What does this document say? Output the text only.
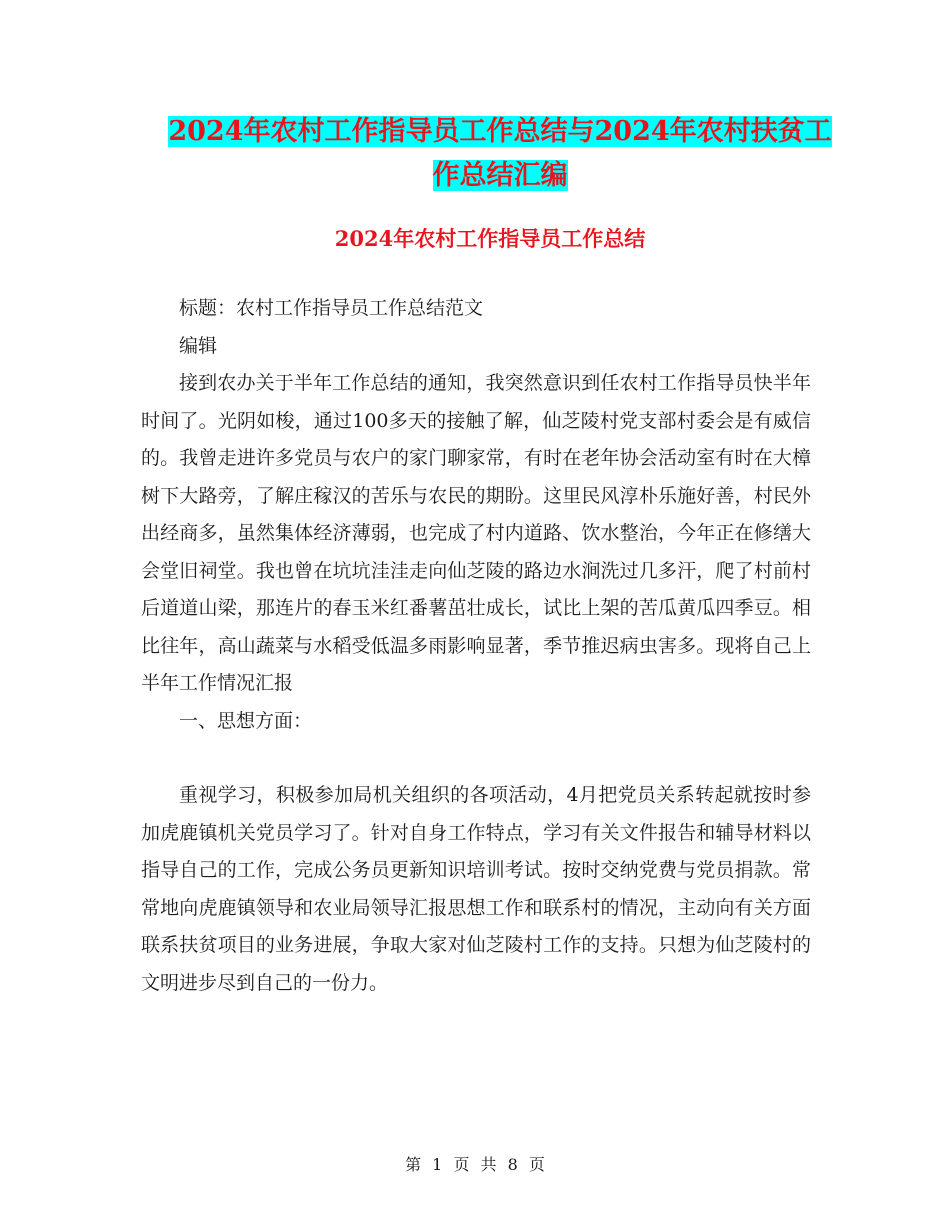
2024年农村工作指导员工作总结与2024年农村扶贫工
作总结汇编
2024年农村工作指导员工作总结

标题：农村工作指导员工作总结范文

编辑

接到农办关于半年工作总结的通知，我突然意识到任农村工作指导员快半年时间了。光阴如梭，通过100多天的接触了解，仙芝陵村党支部村委会是有威信的。我曾走进许多党员与农户的家门聊家常，有时在老年协会活动室有时在大樟树下大路旁，了解庄稼汉的苦乐与农民的期盼。这里民风淳朴乐施好善，村民外出经商多，虽然集体经济薄弱，也完成了村内道路、饮水整治，今年正在修缮大会堂旧祠堂。我也曾在坑坑洼洼走向仙芝陵的路边水涧洗过几多汗，爬了村前村后道道山梁，那连片的春玉米红番薯茁壮成长，试比上架的苦瓜黄瓜四季豆。相比往年，高山蔬菜与水稻受低温多雨影响显著，季节推迟病虫害多。现将自己上半年工作情况汇报

一、思想方面：

重视学习，积极参加局机关组织的各项活动，4月把党员关系转起就按时参加虎鹿镇机关党员学习了。针对自身工作特点，学习有关文件报告和辅导材料以指导自己的工作，完成公务员更新知识培训考试。按时交纳党费与党员捐款。常常地向虎鹿镇领导和农业局领导汇报思想工作和联系村的情况，主动向有关方面联系扶贫项目的业务进展，争取大家对仙芝陵村工作的支持。只想为仙芝陵村的文明进步尽到自己的一份力。

第 1 页 共 8 页
